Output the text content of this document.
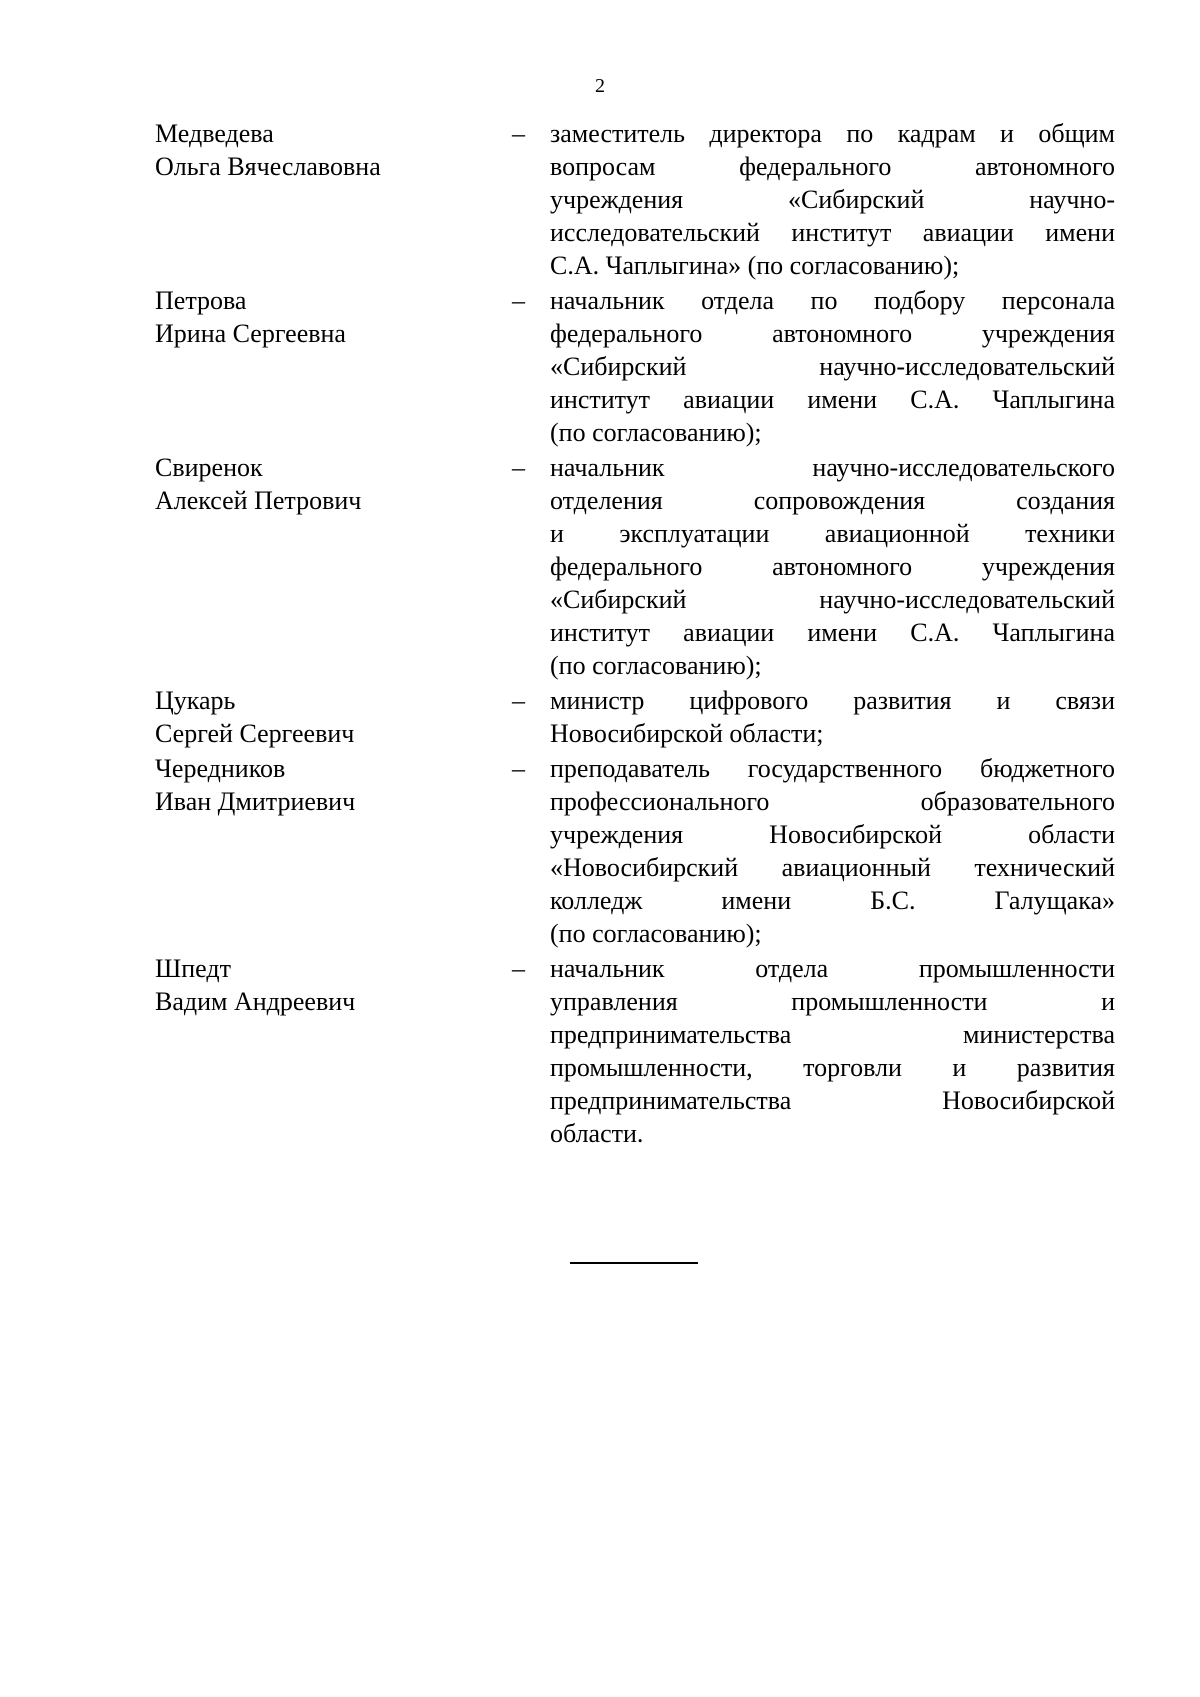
2
Медведева
Ольга Вячеславовна
– заместитель директора по кадрам и общим
вопросам федерального автономного
учреждения «Сибирский научно-
исследовательский институт авиации имени
С.А. Чаплыгина» (по согласованию);
Петрова
Ирина Сергеевна
– начальник отдела по подбору персонала
федерального автономного учреждения
«Сибирский научно-исследовательский
институт авиации имени С.А. Чаплыгина
(по согласованию);
Свиренок
Алексей Петрович
– начальник научно-исследовательского
отделения сопровождения создания
и эксплуатации авиационной техники
федерального автономного учреждения
«Сибирский научно-исследовательский
институт авиации имени С.А. Чаплыгина
(по согласованию);
Цукарь
Сергей Сергеевич
– министр цифрового развития и связи
Новосибирской области;
Чередников
Иван Дмитриевич
– преподаватель государственного бюджетного
профессионального образовательного
учреждения Новосибирской области
«Новосибирский авиационный технический
колледж имени Б.С. Галущака»
(по согласованию);
Шпедт
Вадим Андреевич
– начальник отдела промышленности
управления промышленности и
предпринимательства министерства
промышленности, торговли и развития
предпринимательства Новосибирской
области.
